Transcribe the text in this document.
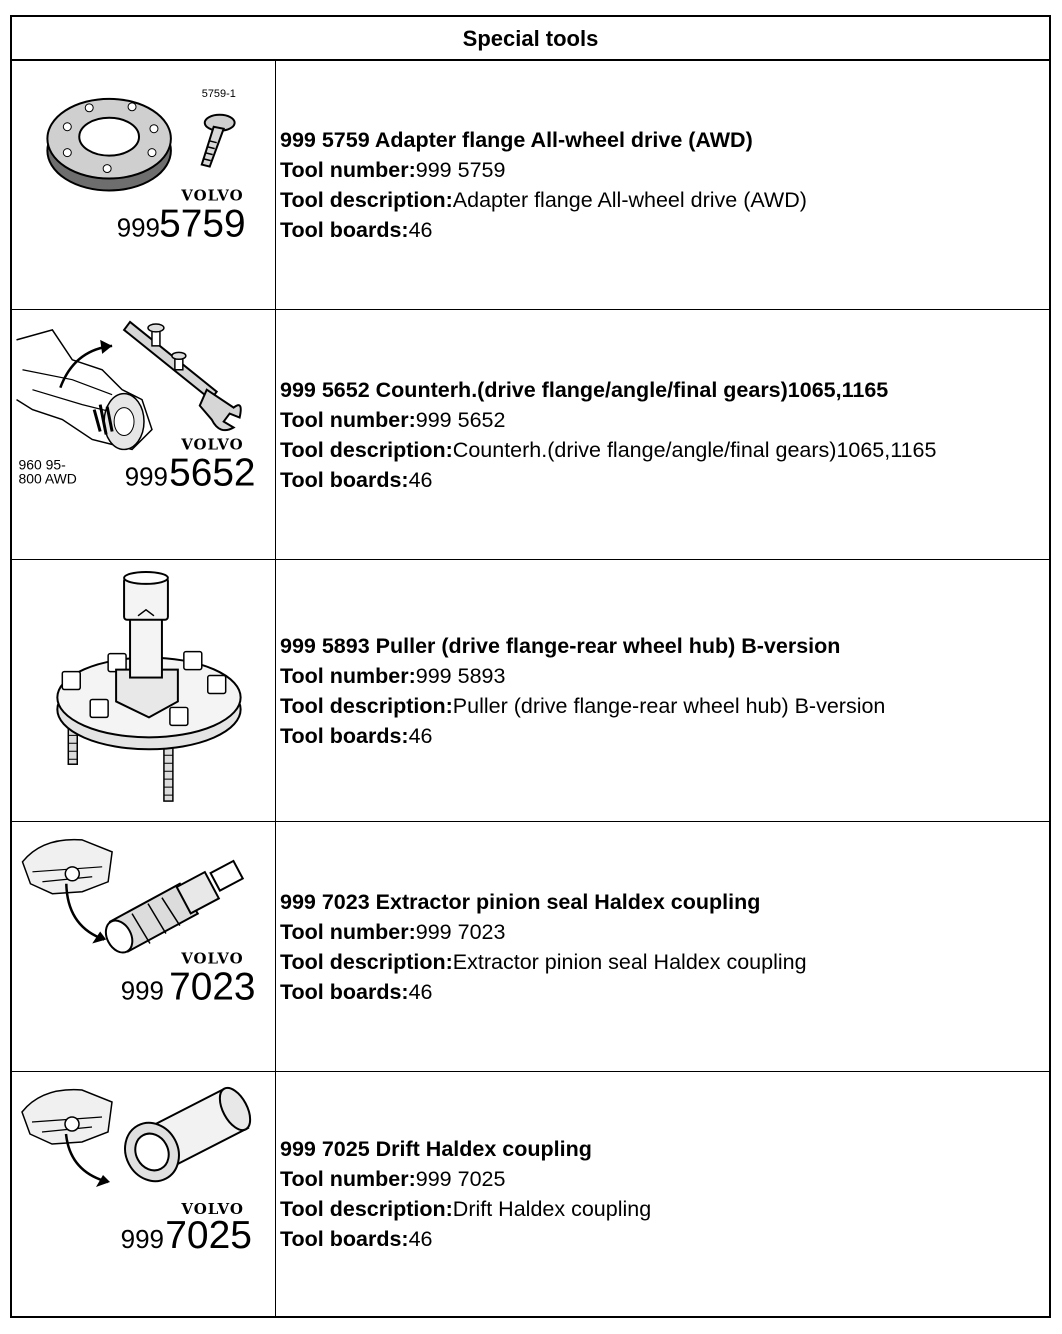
Special tools
5759-1
VOLVO
999 5759
999 5759 Adapter flange All-wheel drive (AWD)
Tool number:999 5759
Tool description:Adapter flange All-wheel drive (AWD)
Tool boards:46
VOLVO
960 95-
800 AWD 999 5652
999 5652 Counterh.(drive flange/angle/final gears)1065,1165
Tool number:999 5652
Tool description:Counterh.(drive flange/angle/final gears)1065,1165
Tool boards:46
999 5893 Puller (drive flange-rear wheel hub) B-version
Tool number:999 5893
Tool description:Puller (drive flange-rear wheel hub) B-version
Tool boards:46
VOLVO
999 7023
999 7023 Extractor pinion seal Haldex coupling
Tool number:999 7023
Tool description:Extractor pinion seal Haldex coupling
Tool boards:46
VOLVO
999 7025
999 7025 Drift Haldex coupling
Tool number:999 7025
Tool description:Drift Haldex coupling
Tool boards:46
